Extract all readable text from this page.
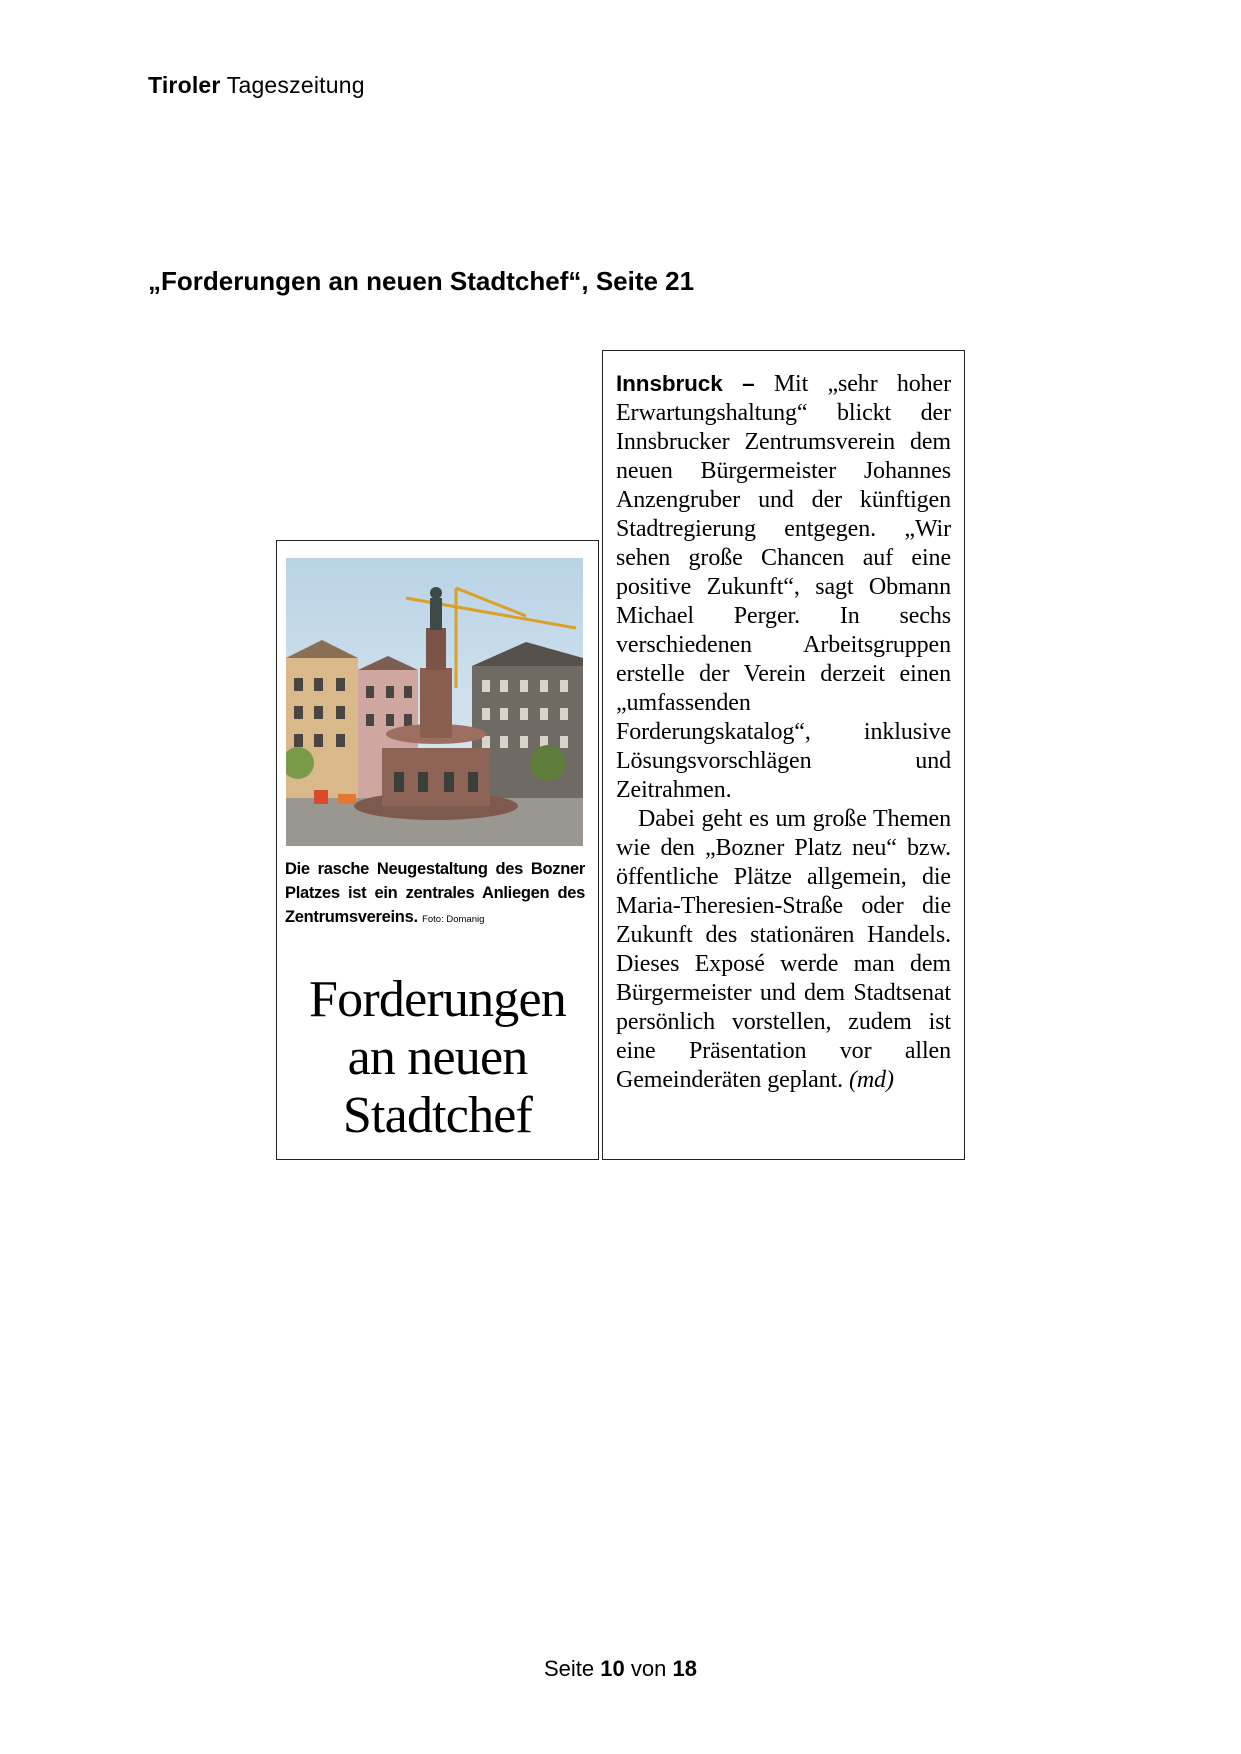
Tiroler Tageszeitung
„Forderungen an neuen Stadtchef“, Seite 21
Die rasche Neugestaltung des Bozner Platzes ist ein zentrales Anliegen des Zentrumsvereins. Foto: Domanig
Forderungen
an neuen
Stadtchef

Innsbruck – Mit „sehr hoher Erwartungshaltung“ blickt der Innsbrucker Zentrumsverein dem neuen Bürgermeister Johannes Anzengruber und der künftigen Stadtregierung entgegen. „Wir sehen große Chancen auf eine positive Zukunft“, sagt Obmann Michael Perger. In sechs verschiedenen Arbeitsgruppen erstelle der Verein derzeit einen „umfassenden Forderungskatalog“, inklusive Lösungsvorschlägen und Zeitrahmen.

Dabei geht es um große Themen wie den „Bozner Platz neu“ bzw. öffentliche Plätze allgemein, die Maria-Theresien-Straße oder die Zukunft des stationären Handels. Dieses Exposé werde man dem Bürgermeister und dem Stadtsenat persönlich vorstellen, zudem ist eine Präsentation vor allen Gemeinderäten geplant. (md)

Seite 10 von 18
